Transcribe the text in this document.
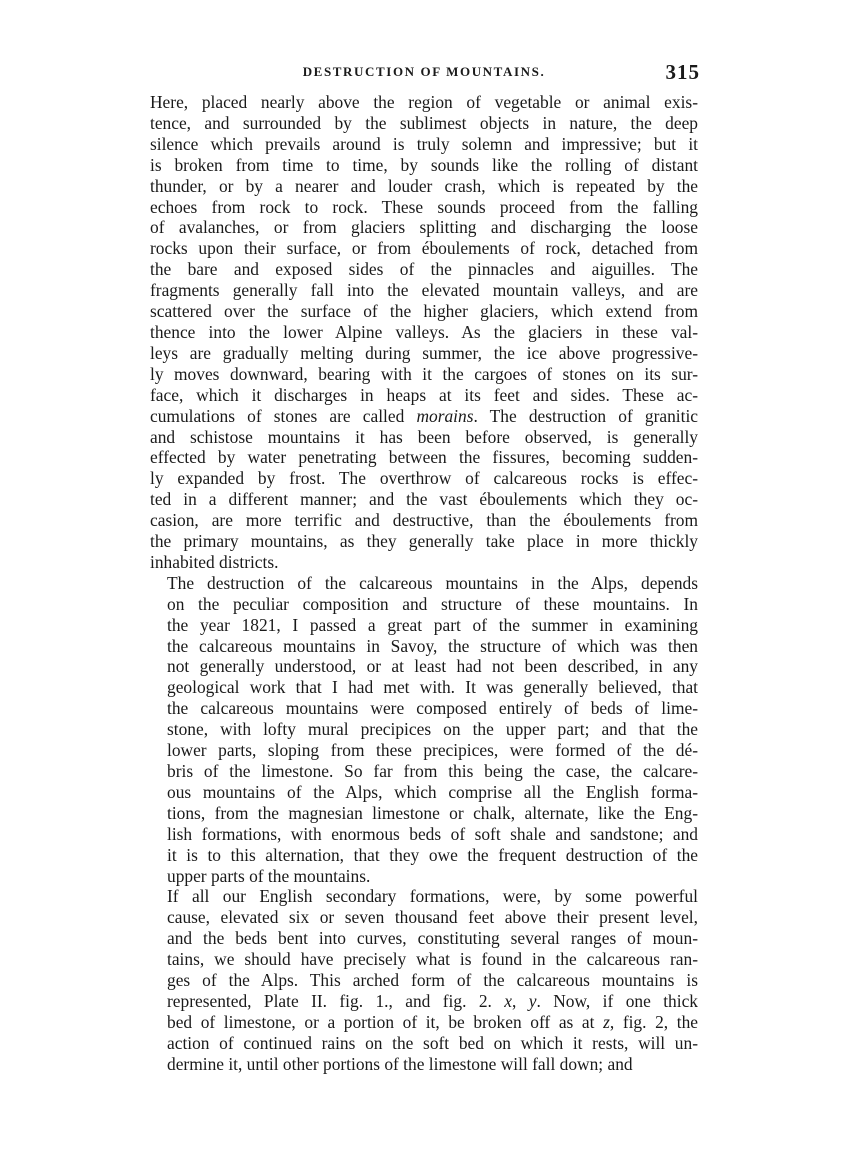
DESTRUCTION OF MOUNTAINS.	315

Here, placed nearly above the region of vegetable or animal exis-
tence, and surrounded by the sublimest objects in nature, the deep
silence which prevails around is truly solemn and impressive; but it
is broken from time to time, by sounds like the rolling of distant
thunder, or by a nearer and louder crash, which is repeated by the
echoes from rock to rock. These sounds proceed from the falling
of avalanches, or from glaciers splitting and discharging the loose
rocks upon their surface, or from éboulements of rock, detached from
the bare and exposed sides of the pinnacles and aiguilles. The
fragments generally fall into the elevated mountain valleys, and are
scattered over the surface of the higher glaciers, which extend from
thence into the lower Alpine valleys. As the glaciers in these val-
leys are gradually melting during summer, the ice above progressive-
ly moves downward, bearing with it the cargoes of stones on its sur-
face, which it discharges in heaps at its feet and sides. These ac-
cumulations of stones are called morains. The destruction of granitic
and schistose mountains it has been before observed, is generally
effected by water penetrating between the fissures, becoming sudden-
ly expanded by frost. The overthrow of calcareous rocks is effec-
ted in a different manner; and the vast éboulements which they oc-
casion, are more terrific and destructive, than the éboulements from
the primary mountains, as they generally take place in more thickly
inhabited districts.

The destruction of the calcareous mountains in the Alps, depends
on the peculiar composition and structure of these mountains. In
the year 1821, I passed a great part of the summer in examining
the calcareous mountains in Savoy, the structure of which was then
not generally understood, or at least had not been described, in any
geological work that I had met with. It was generally believed, that
the calcareous mountains were composed entirely of beds of lime-
stone, with lofty mural precipices on the upper part; and that the
lower parts, sloping from these precipices, were formed of the dé-
bris of the limestone. So far from this being the case, the calcare-
ous mountains of the Alps, which comprise all the English forma-
tions, from the magnesian limestone or chalk, alternate, like the Eng-
lish formations, with enormous beds of soft shale and sandstone; and
it is to this alternation, that they owe the frequent destruction of the
upper parts of the mountains.

If all our English secondary formations, were, by some powerful
cause, elevated six or seven thousand feet above their present level,
and the beds bent into curves, constituting several ranges of moun-
tains, we should have precisely what is found in the calcareous ran-
ges of the Alps. This arched form of the calcareous mountains is
represented, Plate II. fig. 1., and fig. 2. x, y. Now, if one thick
bed of limestone, or a portion of it, be broken off as at z, fig. 2, the
action of continued rains on the soft bed on which it rests, will un-
dermine it, until other portions of the limestone will fall down; and
